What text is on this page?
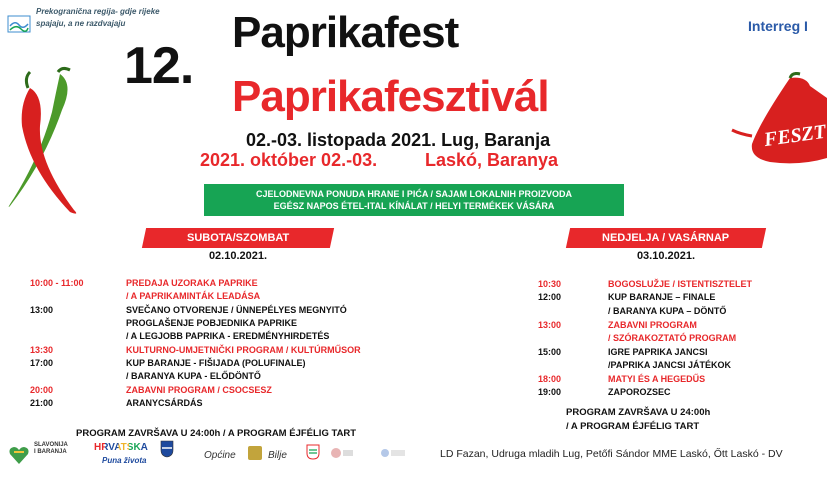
Prekogranična regija- gdje rijeke
spajaju, a ne razdvajaju	Interreg I
FESZT
12.
Paprikafest
Paprikafesztivál
02.-03. listopada 2021. Lug, Baranja
2021. október 02.-03.	Laskó, Baranya
CJELODNEVNA PONUDA HRANE I PIĆA / SAJAM LOKALNIH PROIZVODA
EGÉSZ NAPOS ÉTEL-ITAL KÍNÁLAT / HELYI TERMÉKEK VÁSÁRA
SUBOTA/SZOMBAT
02.10.2021.
10:00 - 11:00	PREDAJA UZORAKA PAPRIKE
/ A PAPRIKAMINTÁK LEADÁSA
13:00	SVEČANO OTVORENJE / ÜNNEPÉLYES MEGNYITÓ
PROGLAŠENJE POBJEDNIKA PAPRIKE
/ A LEGJOBB PAPRIKA - EREDMÉNYHIRDETÉS
13:30	KULTURNO-UMJETNIČKI PROGRAM / KULTÚRMŰSOR
17:00	KUP BARANJE - FIŠIJADA (POLUFINALE)
/ BARANYA KUPA - ELŐDÖNTŐ
20:00	ZABAVNI PROGRAM / CSOCSESZ
21:00	ARANYCSÁRDÁS
PROGRAM ZAVRŠAVA U 24:00h / A PROGRAM ÉJFÉLIG TART
NEDJELJA / VASÁRNAP
03.10.2021.
10:30	BOGOSLUŽJE / ISTENTISZTELET
12:00	KUP BARANJE – FINALE
/ BARANYA KUPA – DÖNTŐ
13:00	ZABAVNI PROGRAM
/ SZÓRAKOZTATÓ PROGRAM
15:00	IGRE PAPRIKA JANCSI
/PAPRIKA JANCSI JÁTÉKOK
18:00	MATYI ÉS A HEGEDŰS
19:00	ZAPOROZSEC
PROGRAM ZAVRŠAVA U 24:00h
/ A PROGRAM ÉJFÉLIG TART
LD Fazan, Udruga mladih Lug, Petőfi Sándor MME Laskó, Őtt Laskó - DV
SLAVONIJA
I BARANJA	HRVATSKA
Puna života	Općine	Bilje
